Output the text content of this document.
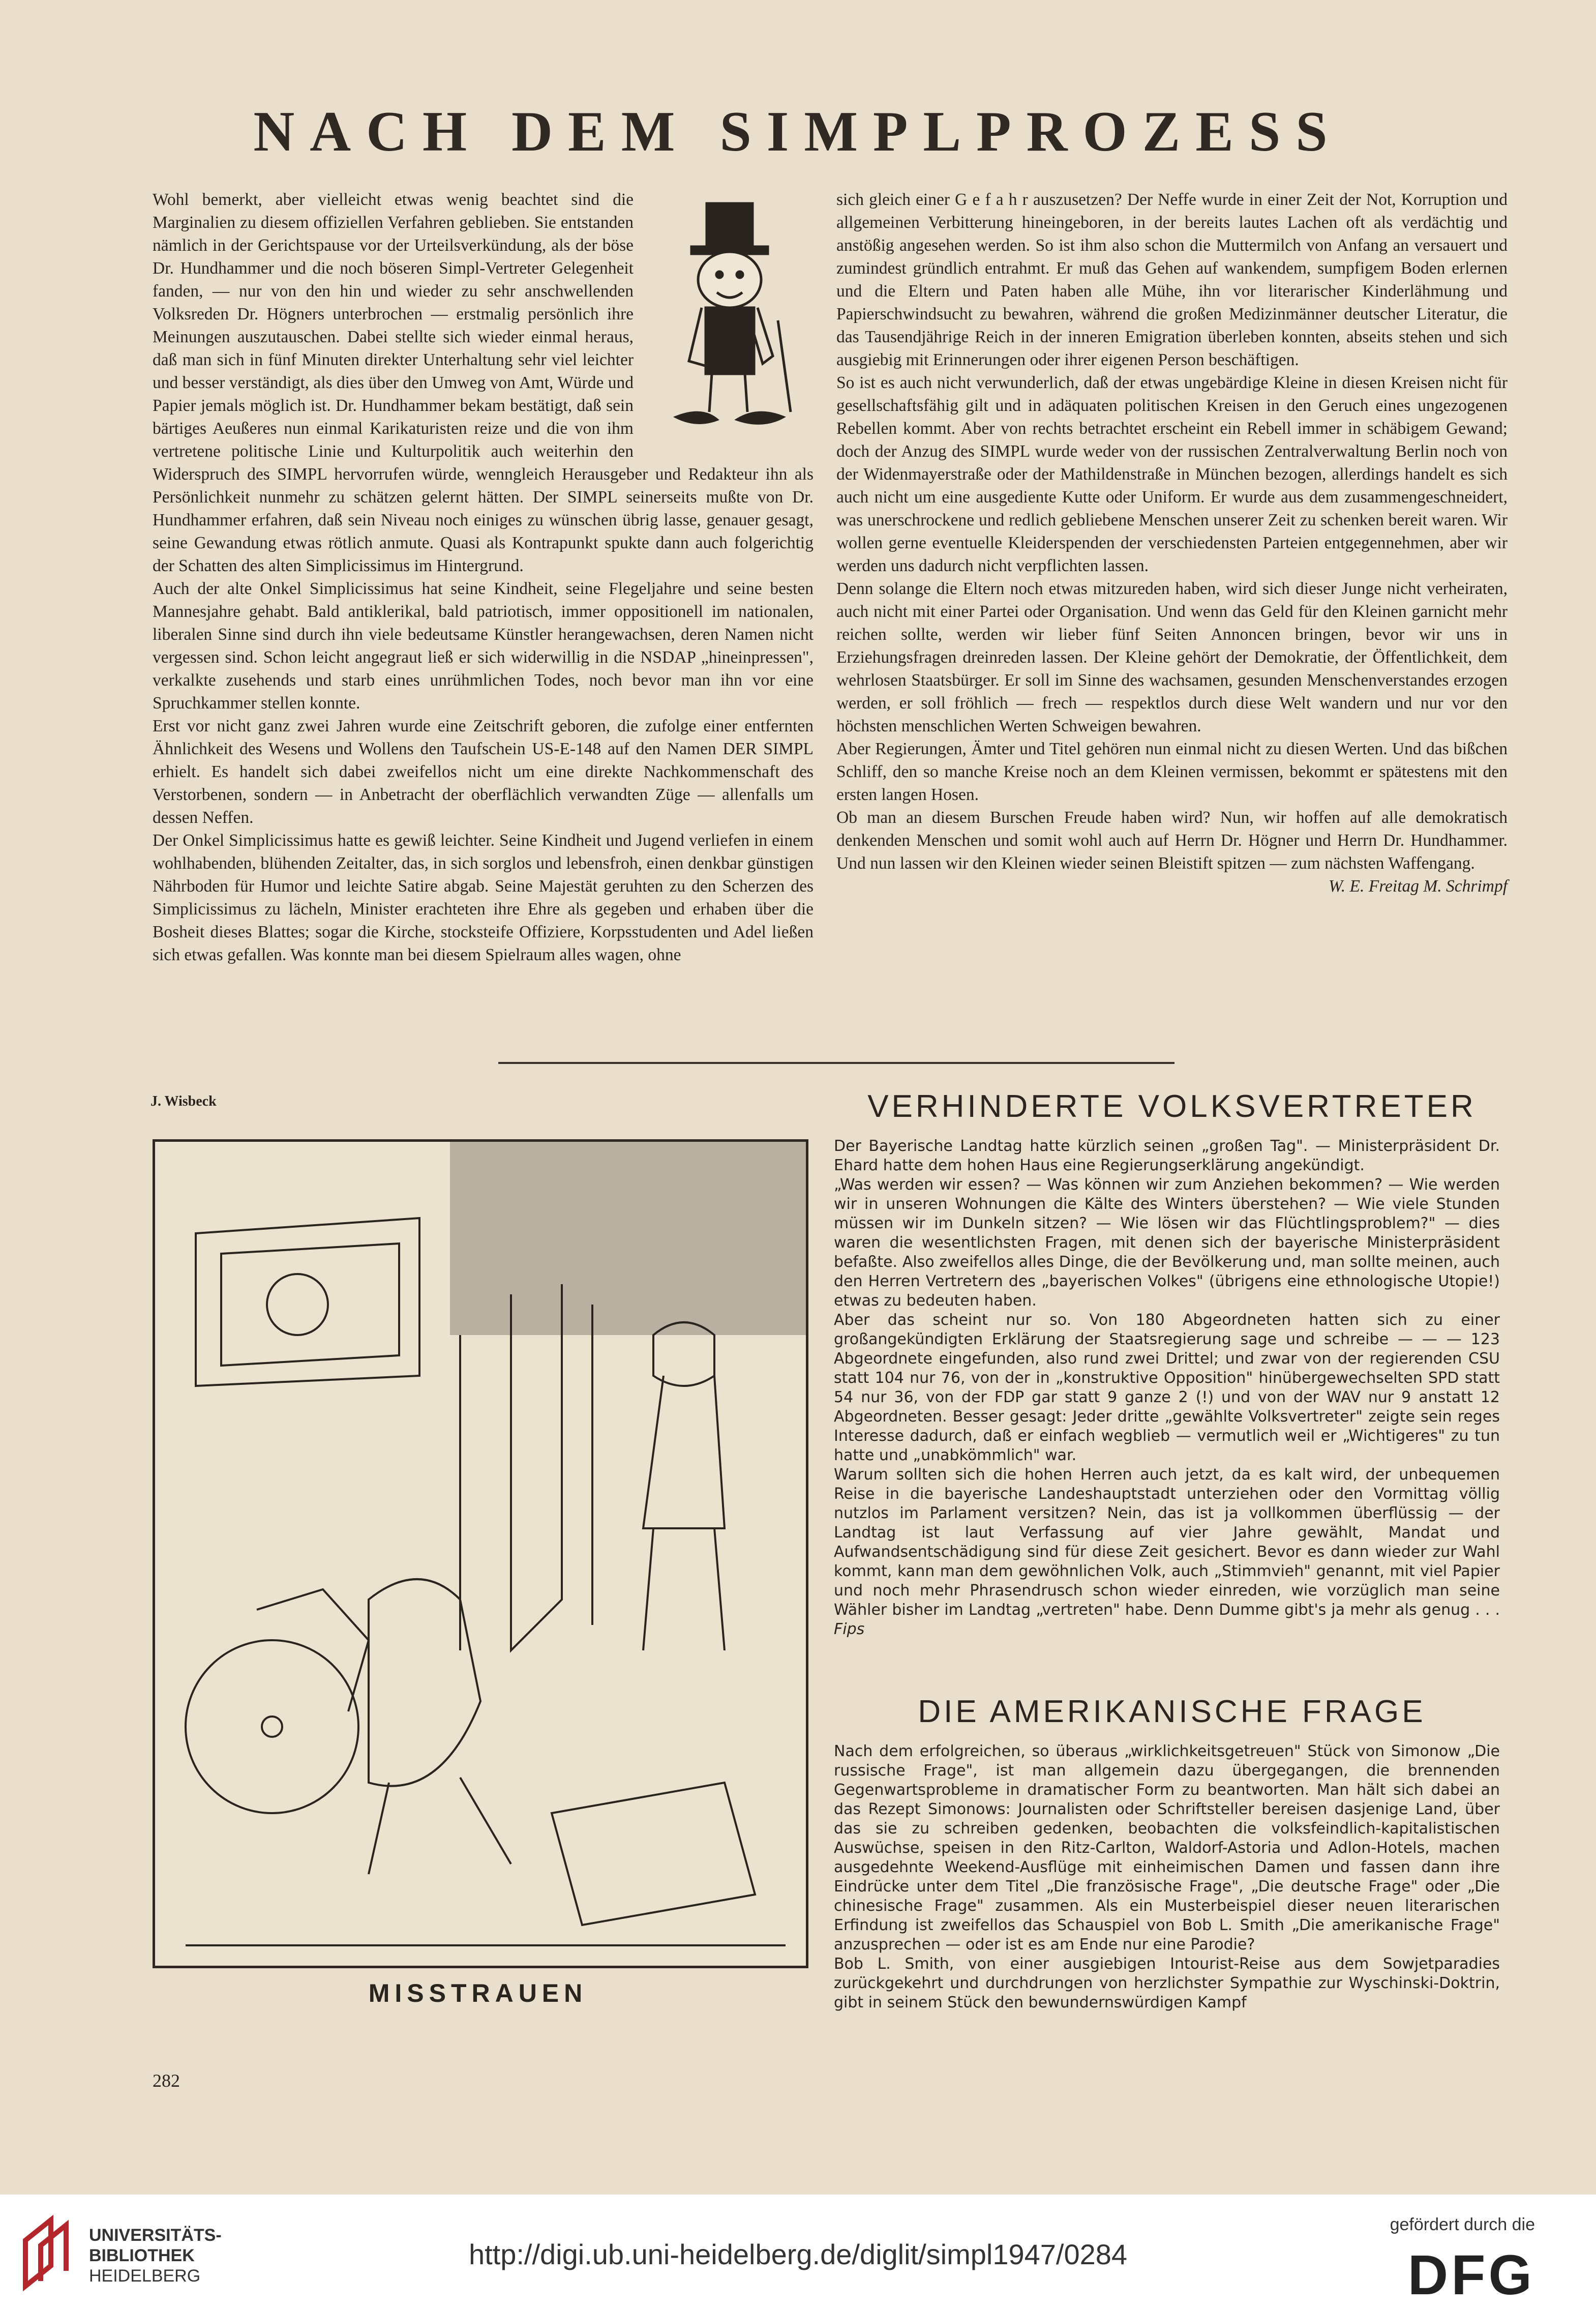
NACH DEM SIMPLPROZESS

Wohl bemerkt, aber vielleicht etwas wenig beachtet sind die Marginalien zu diesem offiziellen Verfahren geblieben. Sie entstanden nämlich in der Gerichtspause vor der Urteilsverkündung, als der böse Dr. Hundhammer und die noch böseren Simpl-Vertreter Gelegenheit fanden, — nur von den hin und wieder zu sehr anschwellenden Volksreden Dr. Högners unterbrochen — erstmalig persönlich ihre Meinungen auszutauschen. Dabei stellte sich wieder einmal heraus, daß man sich in fünf Minuten direkter Unterhaltung sehr viel leichter und besser verständigt, als dies über den Umweg von Amt, Würde und Papier jemals möglich ist. Dr. Hundhammer bekam bestätigt, daß sein bärtiges Aeußeres nun einmal Karikaturisten reize und die von ihm vertretene politische Linie und Kulturpolitik auch weiterhin den Widerspruch des SIMPL hervorrufen würde, wenngleich Herausgeber und Redakteur ihn als Persönlichkeit nunmehr zu schätzen gelernt hätten. Der SIMPL seinerseits mußte von Dr. Hundhammer erfahren, daß sein Niveau noch einiges zu wünschen übrig lasse, genauer gesagt, seine Gewandung etwas rötlich anmute. Quasi als Kontrapunkt spukte dann auch folgerichtig der Schatten des alten Simplicissimus im Hintergrund.

Auch der alte Onkel Simplicissimus hat seine Kindheit, seine Flegeljahre und seine besten Mannesjahre gehabt. Bald antiklerikal, bald patriotisch, immer oppositionell im nationalen, liberalen Sinne sind durch ihn viele bedeutsame Künstler herangewachsen, deren Namen nicht vergessen sind. Schon leicht angegraut ließ er sich widerwillig in die NSDAP „hineinpressen", verkalkte zusehends und starb eines unrühmlichen Todes, noch bevor man ihn vor eine Spruchkammer stellen konnte.

Erst vor nicht ganz zwei Jahren wurde eine Zeitschrift geboren, die zufolge einer entfernten Ähnlichkeit des Wesens und Wollens den Taufschein US-E-148 auf den Namen DER SIMPL erhielt. Es handelt sich dabei zweifellos nicht um eine direkte Nachkommenschaft des Verstorbenen, sondern — in Anbetracht der oberflächlich verwandten Züge — allenfalls um dessen Neffen.

Der Onkel Simplicissimus hatte es gewiß leichter. Seine Kindheit und Jugend verliefen in einem wohlhabenden, blühenden Zeitalter, das, in sich sorglos und lebensfroh, einen denkbar günstigen Nährboden für Humor und leichte Satire abgab. Seine Majestät geruhten zu den Scherzen des Simplicissimus zu lächeln, Minister erachteten ihre Ehre als gegeben und erhaben über die Bosheit dieses Blattes; sogar die Kirche, stocksteife Offiziere, Korpsstudenten und Adel ließen sich etwas gefallen. Was konnte man bei diesem Spielraum alles wagen, ohne

sich gleich einer G e f a h r auszusetzen? Der Neffe wurde in einer Zeit der Not, Korruption und allgemeinen Verbitterung hineingeboren, in der bereits lautes Lachen oft als verdächtig und anstößig angesehen werden. So ist ihm also schon die Muttermilch von Anfang an versauert und zumindest gründlich entrahmt. Er muß das Gehen auf wankendem, sumpfigem Boden erlernen und die Eltern und Paten haben alle Mühe, ihn vor literarischer Kinderlähmung und Papierschwindsucht zu bewahren, während die großen Medizinmänner deutscher Literatur, die das Tausendjährige Reich in der inneren Emigration überleben konnten, abseits stehen und sich ausgiebig mit Erinnerungen oder ihrer eigenen Person beschäftigen.

So ist es auch nicht verwunderlich, daß der etwas ungebärdige Kleine in diesen Kreisen nicht für gesellschaftsfähig gilt und in adäquaten politischen Kreisen in den Geruch eines ungezogenen Rebellen kommt. Aber von rechts betrachtet erscheint ein Rebell immer in schäbigem Gewand; doch der Anzug des SIMPL wurde weder von der russischen Zentralverwaltung Berlin noch von der Widenmayerstraße oder der Mathildenstraße in München bezogen, allerdings handelt es sich auch nicht um eine ausgediente Kutte oder Uniform. Er wurde aus dem zusammengeschneidert, was unerschrockene und redlich gebliebene Menschen unserer Zeit zu schenken bereit waren. Wir wollen gerne eventuelle Kleiderspenden der verschiedensten Parteien entgegennehmen, aber wir werden uns dadurch nicht verpflichten lassen.

Denn solange die Eltern noch etwas mitzureden haben, wird sich dieser Junge nicht verheiraten, auch nicht mit einer Partei oder Organisation. Und wenn das Geld für den Kleinen garnicht mehr reichen sollte, werden wir lieber fünf Seiten Annoncen bringen, bevor wir uns in Erziehungsfragen dreinreden lassen. Der Kleine gehört der Demokratie, der Öffentlichkeit, dem wehrlosen Staatsbürger. Er soll im Sinne des wachsamen, gesunden Menschenverstandes erzogen werden, er soll fröhlich — frech — respektlos durch diese Welt wandern und nur vor den höchsten menschlichen Werten Schweigen bewahren.

Aber Regierungen, Ämter und Titel gehören nun einmal nicht zu diesen Werten. Und das bißchen Schliff, den so manche Kreise noch an dem Kleinen vermissen, bekommt er spätestens mit den ersten langen Hosen.

Ob man an diesem Burschen Freude haben wird? Nun, wir hoffen auf alle demokratisch denkenden Menschen und somit wohl auch auf Herrn Dr. Högner und Herrn Dr. Hundhammer. Und nun lassen wir den Kleinen wieder seinen Bleistift spitzen — zum nächsten Waffengang.

W. E. Freitag M. Schrimpf
J. Wisbeck
MISSTRAUEN
VERHINDERTE VOLKSVERTRETER

Der Bayerische Landtag hatte kürzlich seinen „großen Tag". — Ministerpräsident Dr. Ehard hatte dem hohen Haus eine Regierungserklärung angekündigt.

„Was werden wir essen? — Was können wir zum Anziehen bekommen? — Wie werden wir in unseren Wohnungen die Kälte des Winters überstehen? — Wie viele Stunden müssen wir im Dunkeln sitzen? — Wie lösen wir das Flüchtlingsproblem?" — dies waren die wesentlichsten Fragen, mit denen sich der bayerische Ministerpräsident befaßte. Also zweifellos alles Dinge, die der Bevölkerung und, man sollte meinen, auch den Herren Vertretern des „bayerischen Volkes" (übrigens eine ethnologische Utopie!) etwas zu bedeuten haben.

Aber das scheint nur so. Von 180 Abgeordneten hatten sich zu einer großangekündigten Erklärung der Staatsregierung sage und schreibe — — — 123 Abgeordnete eingefunden, also rund zwei Drittel; und zwar von der regierenden CSU statt 104 nur 76, von der in „konstruktive Opposition" hinübergewechselten SPD statt 54 nur 36, von der FDP gar statt 9 ganze 2 (!) und von der WAV nur 9 anstatt 12 Abgeordneten. Besser gesagt: Jeder dritte „gewählte Volksvertreter" zeigte sein reges Interesse dadurch, daß er einfach wegblieb — vermutlich weil er „Wichtigeres" zu tun hatte und „unabkömmlich" war.

Warum sollten sich die hohen Herren auch jetzt, da es kalt wird, der unbequemen Reise in die bayerische Landeshauptstadt unterziehen oder den Vormittag völlig nutzlos im Parlament versitzen? Nein, das ist ja vollkommen überflüssig — der Landtag ist laut Verfassung auf vier Jahre gewählt, Mandat und Aufwandsentschädigung sind für diese Zeit gesichert. Bevor es dann wieder zur Wahl kommt, kann man dem gewöhnlichen Volk, auch „Stimmvieh" genannt, mit viel Papier und noch mehr Phrasendrusch schon wieder einreden, wie vorzüglich man seine Wähler bisher im Landtag „vertreten" habe. Denn Dumme gibt's ja mehr als genug . . . Fips

DIE AMERIKANISCHE FRAGE

Nach dem erfolgreichen, so überaus „wirklichkeitsgetreuen" Stück von Simonow „Die russische Frage", ist man allgemein dazu übergegangen, die brennenden Gegenwartsprobleme in dramatischer Form zu beantworten. Man hält sich dabei an das Rezept Simonows: Journalisten oder Schriftsteller bereisen dasjenige Land, über das sie zu schreiben gedenken, beobachten die volksfeindlich-kapitalistischen Auswüchse, speisen in den Ritz-Carlton, Waldorf-Astoria und Adlon-Hotels, machen ausgedehnte Weekend-Ausflüge mit einheimischen Damen und fassen dann ihre Eindrücke unter dem Titel „Die französische Frage", „Die deutsche Frage" oder „Die chinesische Frage" zusammen. Als ein Musterbeispiel dieser neuen literarischen Erfindung ist zweifellos das Schauspiel von Bob L. Smith „Die amerikanische Frage" anzusprechen — oder ist es am Ende nur eine Parodie?

Bob L. Smith, von einer ausgiebigen Intourist-Reise aus dem Sowjetparadies zurückgekehrt und durchdrungen von herzlichster Sympathie zur Wyschinski-Doktrin, gibt in seinem Stück den bewundernswürdigen Kampf

282
UNIVERSITÄTS-
BIBLIOTHEK
HEIDELBERG
http://digi.ub.uni-heidelberg.de/diglit/simpl1947/0284
gefördert durch die
DFG
